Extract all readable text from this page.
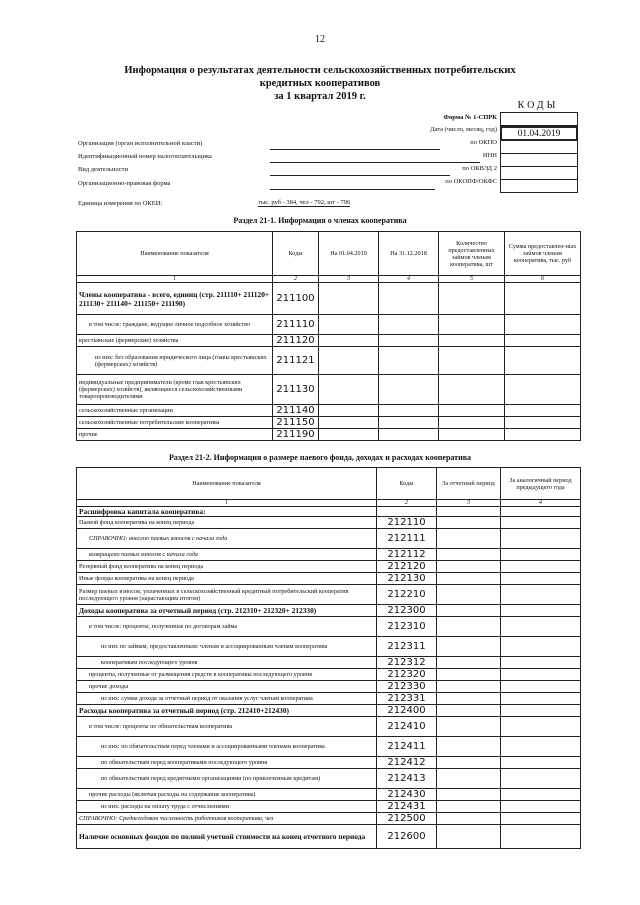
12
Информация о результатах деятельности сельскохозяйственных потребительских
кредитных кооперативов
за 1 квартал 2019 г.
КОДЫ
01.04.2019
Форма № 1-СПРК
Дата (число, месяц, год)
по ОКПО
ИНН
по ОКВЭД 2
по ОКОПФ/ОКФС
Организация (орган исполнительной власти)
Идентификационный номер налогоплательщика
Вид деятельности
Организационно-правовая форма
Единица измерения по ОКЕИ:	тыс. руб - 384, чел - 792, шт - 796
Раздел 21-1. Информация о членах кооператива
Наименование показателя	Коды	На 01.04.2019	На 31.12.2018	Количество предоставленных займов членам кооператива, шт	Сумма предоставлен-ных займов членам кооператива, тыс. руб
1	2	3	4	5	6
Члены кооператива - всего, единиц (стр. 211110+ 211120+ 211130+ 211140+ 211150+ 211190)	211100				
в том числе: граждане, ведущие личное подсобное хозяйство	211110				
крестьянские (фермерские) хозяйства	211120				
из них: без образования юридического лица (главы крестьянских (фермерских) хозяйств)	211121				
индивидуальные предприниматели (кроме глав крестьянских (фермерских) хозяйств), являющиеся сельскохозяйственными товаропроизводителями	211130				
сельскохозяйственные организации	211140				
сельскохозяйственные потребительские кооперативы	211150				
прочие	211190				
Раздел 21-2. Информация о размере паевого фонда, доходах и расходах кооператива
Наименование показателя	Коды	За отчетный период	За аналогичный период предыдущего года
1	2	3	4
Расшифровка капитала кооператива:			
Паевой фонд кооператива на конец периода	212110		
СПРАВОЧНО: внесено паевых взносов с начала года	212111		
возвращено паевых взносов с начала года	212112		
Резервный фонд кооператива на конец периода	212120		
Иные фонды кооператива на конец периода	212130		
Размер паевых взносов, уплаченных в сельскохозяйственный кредитный потребительский кооператив последующего уровня (нарастающим итогом)	212210		
Доходы кооператива за отчетный период (стр. 212310+ 212320+ 212330)	212300		
в том числе: проценты, полученные по договорам займа	212310		
из них по займам, предоставленным: членам и ассоциированным членам кооператива	212311		
кооперативам последующего уровня	212312		
проценты, полученные от размещения средств в кооперативы последующего уровня	212320		
прочие доходы	212330		
из них: сумма дохода за отчетный период от оказания услуг членам кооператива	212331		
Расходы кооператива за отчетный период (стр. 212410+212430)	212400		
в том числе: проценты по обязательствам кооператива	212410		
из них: по обязательствам перед членами и ассоциированными членами кооператива	212411		
по обязательствам перед кооперативами последующего уровня	212412		
по обязательствам перед кредитными организациями (по привлеченным кредитам)	212413		
прочие расходы (включая расходы на содержание кооператива)	212430		
из них: расходы на оплату труда с отчислениями	212431		
СПРАВОЧНО: Среднегодовая численность работников кооператива, чел	212500		
Наличие основных фондов по полной учетной стоимости на конец отчетного периода	212600		
